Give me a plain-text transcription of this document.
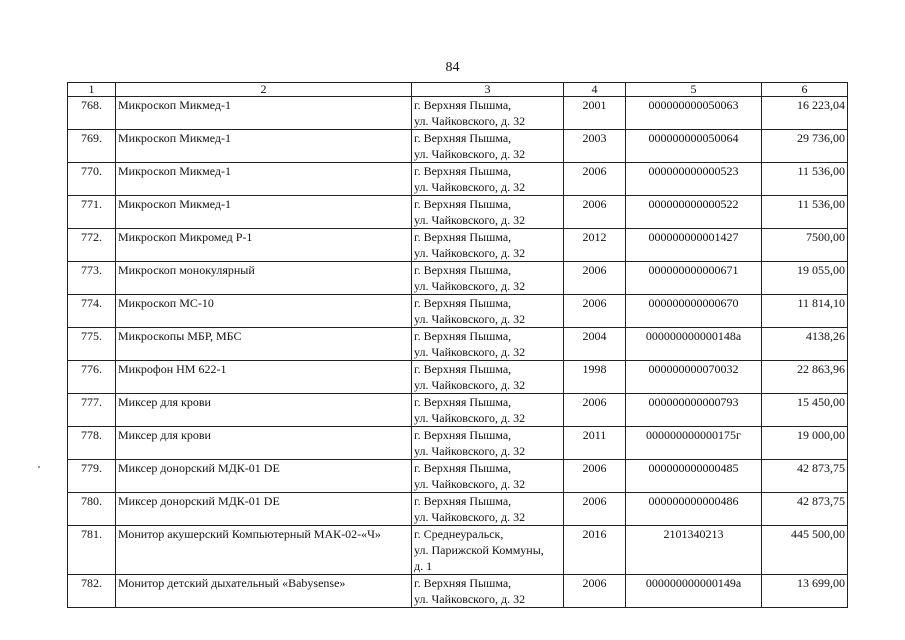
84
1	2	3	4	5	6
768.	Микроскоп Микмед-1	г. Верхняя Пышма,
ул. Чайковского, д. 32	2001	000000000050063	16 223,04
769.	Микроскоп Микмед-1	г. Верхняя Пышма,
ул. Чайковского, д. 32	2003	000000000050064	29 736,00
770.	Микроскоп Микмед-1	г. Верхняя Пышма,
ул. Чайковского, д. 32	2006	000000000000523	11 536,00
771.	Микроскоп Микмед-1	г. Верхняя Пышма,
ул. Чайковского, д. 32	2006	000000000000522	11 536,00
772.	Микроскоп Микромед Р-1	г. Верхняя Пышма,
ул. Чайковского, д. 32	2012	000000000001427	7500,00
773.	Микроскоп монокулярный	г. Верхняя Пышма,
ул. Чайковского, д. 32	2006	000000000000671	19 055,00
774.	Микроскоп МС-10	г. Верхняя Пышма,
ул. Чайковского, д. 32	2006	000000000000670	11 814,10
775.	Микроскопы МБР, МБС	г. Верхняя Пышма,
ул. Чайковского, д. 32	2004	000000000000148а	4138,26
776.	Микрофон НМ 622-1	г. Верхняя Пышма,
ул. Чайковского, д. 32	1998	000000000070032	22 863,96
777.	Миксер для крови	г. Верхняя Пышма,
ул. Чайковского, д. 32	2006	000000000000793	15 450,00
778.	Миксер для крови	г. Верхняя Пышма,
ул. Чайковского, д. 32	2011	000000000000175г	19 000,00
779.	Миксер донорский МДК-01 DE	г. Верхняя Пышма,
ул. Чайковского, д. 32	2006	000000000000485	42 873,75
780.	Миксер донорский МДК-01 DE	г. Верхняя Пышма,
ул. Чайковского, д. 32	2006	000000000000486	42 873,75
781.	Монитор акушерский Компьютерный МАК-02-«Ч»	г. Среднеуральск,
ул. Парижской Коммуны,
д. 1	2016	2101340213	445 500,00
782.	Монитор детский дыхательный «Babysense»	г. Верхняя Пышма,
ул. Чайковского, д. 32	2006	000000000000149а	13 699,00
